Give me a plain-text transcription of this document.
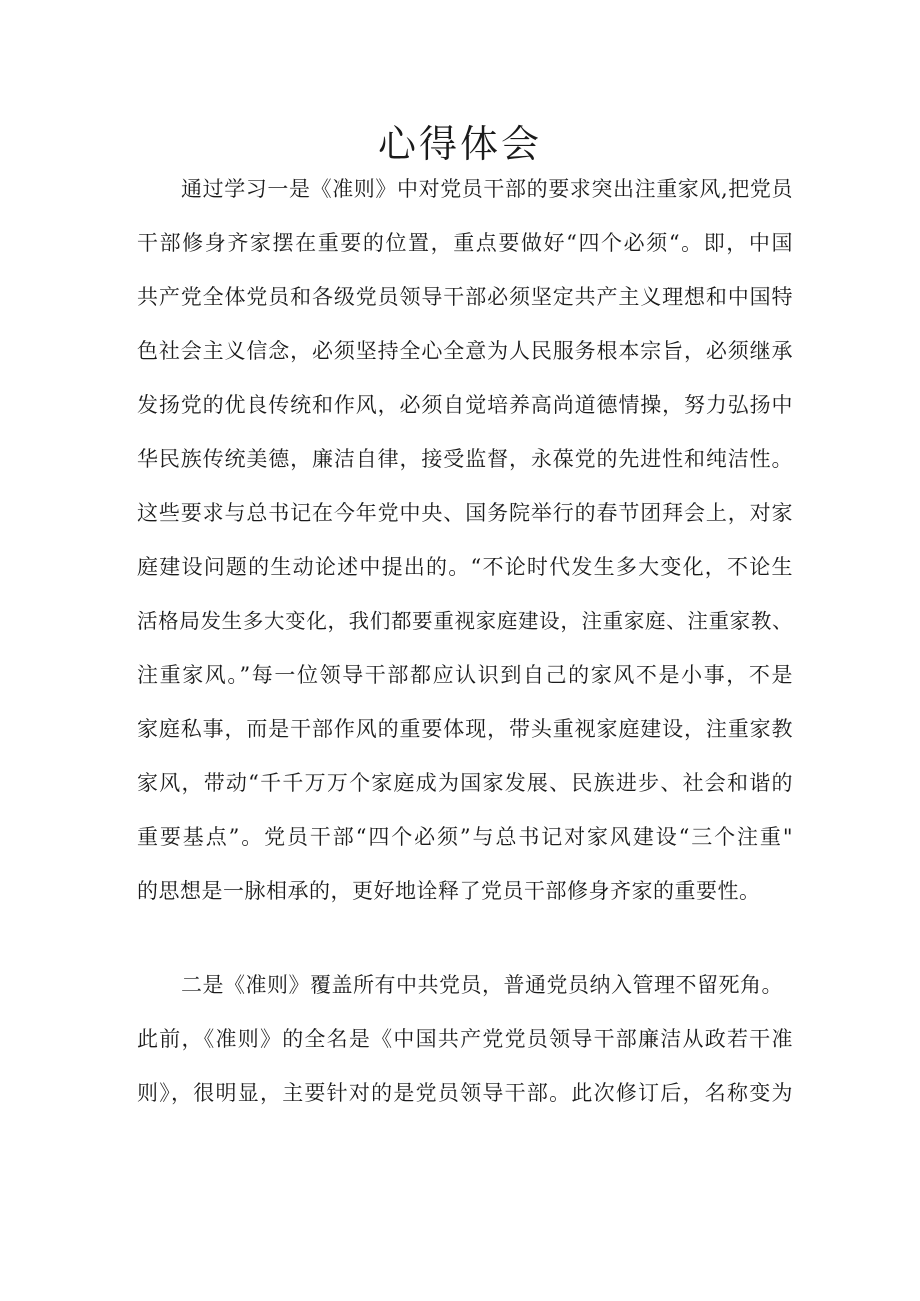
心得体会
通过学习一是《准则》中对党员干部的要求突出注重家风,把党员
干部修身齐家摆在重要的位置，重点要做好“四个必须“。即，中国
共产党全体党员和各级党员领导干部必须坚定共产主义理想和中国特
色社会主义信念，必须坚持全心全意为人民服务根本宗旨，必须继承
发扬党的优良传统和作风，必须自觉培养高尚道德情操，努力弘扬中
华民族传统美德，廉洁自律，接受监督，永葆党的先进性和纯洁性。
这些要求与总书记在今年党中央、国务院举行的春节团拜会上，对家
庭建设问题的生动论述中提出的。“不论时代发生多大变化，不论生
活格局发生多大变化，我们都要重视家庭建设，注重家庭、注重家教、
注重家风。”每一位领导干部都应认识到自己的家风不是小事，不是
家庭私事，而是干部作风的重要体现，带头重视家庭建设，注重家教
家风，带动“千千万万个家庭成为国家发展、民族进步、社会和谐的
重要基点”。党员干部“四个必须”与总书记对家风建设“三个注重"
的思想是一脉相承的，更好地诠释了党员干部修身齐家的重要性。
二是《准则》覆盖所有中共党员，普通党员纳入管理不留死角。
此前，《准则》的全名是《中国共产党党员领导干部廉洁从政若干准
则》，很明显，主要针对的是党员领导干部。此次修订后，名称变为
